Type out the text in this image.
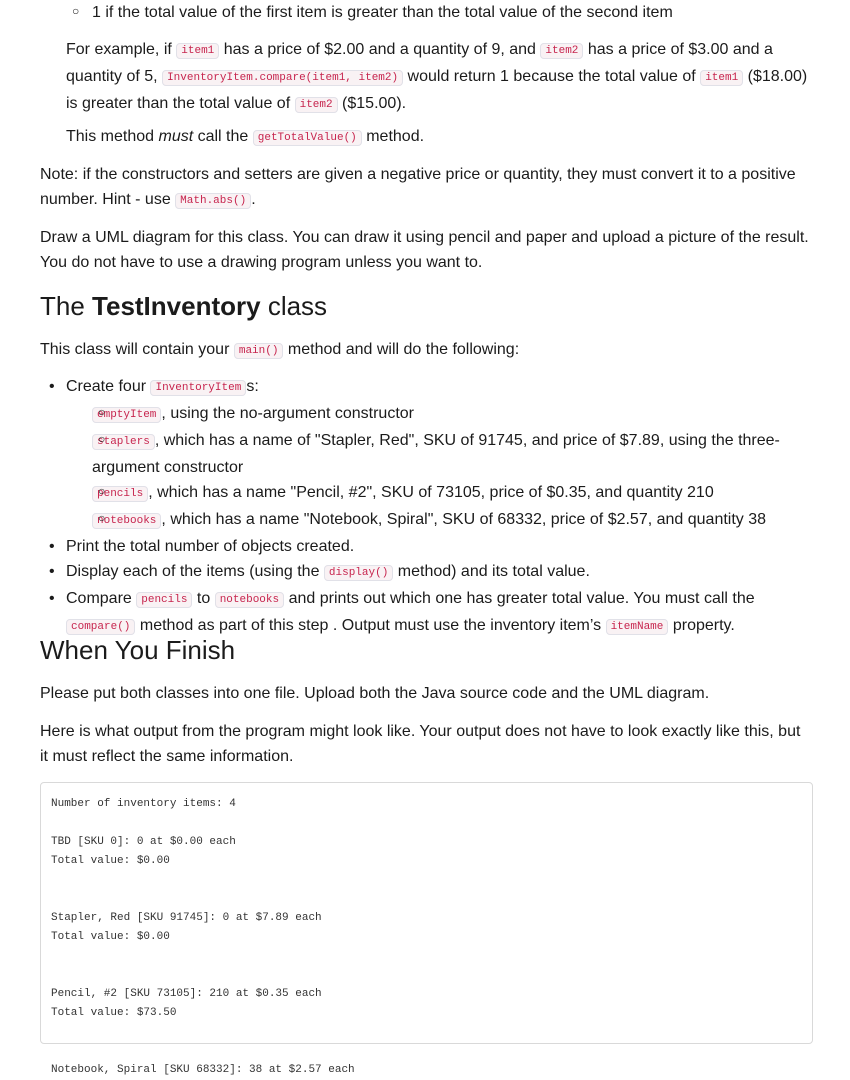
○ 1 if the total value of the first item is greater than the total value of the second item

For example, if item1 has a price of $2.00 and a quantity of 9, and item2 has a price of $3.00 and a quantity of 5, InventoryItem.compare(item1, item2) would return 1 because the total value of item1 ($18.00) is greater than the total value of item2 ($15.00).

This method must call the getTotalValue() method.

Note: if the constructors and setters are given a negative price or quantity, they must convert it to a positive number. Hint - use Math.abs() .

Draw a UML diagram for this class. You can draw it using pencil and paper and upload a picture of the result. You do not have to use a drawing program unless you want to.

The TestInventory class

This class will contain your main() method and will do the following:

• Create four InventoryItem s:
○ emptyItem , using the no-argument constructor
○ staplers , which has a name of "Stapler, Red", SKU of 91745, and price of $7.89, using the three-argument constructor
○ pencils , which has a name "Pencil, #2", SKU of 73105, price of $0.35, and quantity 210
○ notebooks , which has a name "Notebook, Spiral", SKU of 68332, price of $2.57, and quantity 38
• Print the total number of objects created.
• Display each of the items (using the display() method) and its total value.
• Compare pencils to notebooks and prints out which one has greater total value. You must call the compare() method as part of this step . Output must use the inventory item’s itemName property.
When You Finish

Please put both classes into one file. Upload both the Java source code and the UML diagram.

Here is what output from the program might look like. Your output does not have to look exactly like this, but it must reflect the same information.

Number of inventory items: 4
TBD [SKU 0]: 0 at $0.00 each
Total value: $0.00
Stapler, Red [SKU 91745]: 0 at $7.89 each
Total value: $0.00
Pencil, #2 [SKU 73105]: 210 at $0.35 each
Total value: $73.50
Notebook, Spiral [SKU 68332]: 38 at $2.57 each
